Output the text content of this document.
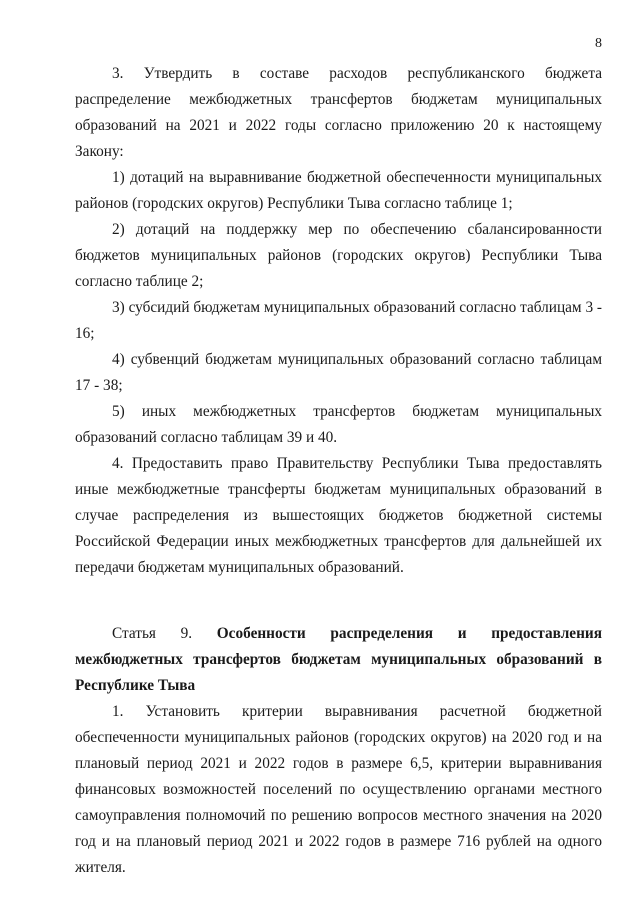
8

3. Утвердить в составе расходов республиканского бюджета распределение межбюджетных трансфертов бюджетам муниципальных образований на 2021 и 2022 годы согласно приложению 20 к настоящему Закону:

1) дотаций на выравнивание бюджетной обеспеченности муниципальных районов (городских округов) Республики Тыва согласно таблице 1;

2) дотаций на поддержку мер по обеспечению сбалансированности бюджетов муниципальных районов (городских округов) Республики Тыва согласно таблице 2;

3) субсидий бюджетам муниципальных образований согласно таблицам 3 - 16;

4) субвенций бюджетам муниципальных образований согласно таблицам 17 - 38;

5) иных межбюджетных трансфертов бюджетам муниципальных образований согласно таблицам 39 и 40.

4. Предоставить право Правительству Республики Тыва предоставлять иные межбюджетные трансферты бюджетам муниципальных образований в случае распределения из вышестоящих бюджетов бюджетной системы Российской Федерации иных межбюджетных трансфертов для дальнейшей их передачи бюджетам муниципальных образований.

Статья 9. Особенности распределения и предоставления межбюджетных трансфертов бюджетам муниципальных образований в Республике Тыва

1. Установить критерии выравнивания расчетной бюджетной обеспеченности муниципальных районов (городских округов) на 2020 год и на плановый период 2021 и 2022 годов в размере 6,5, критерии выравнивания финансовых возможностей поселений по осуществлению органами местного самоуправления полномочий по решению вопросов местного значения на 2020 год и на плановый период 2021 и 2022 годов в размере 716 рублей на одного жителя.
